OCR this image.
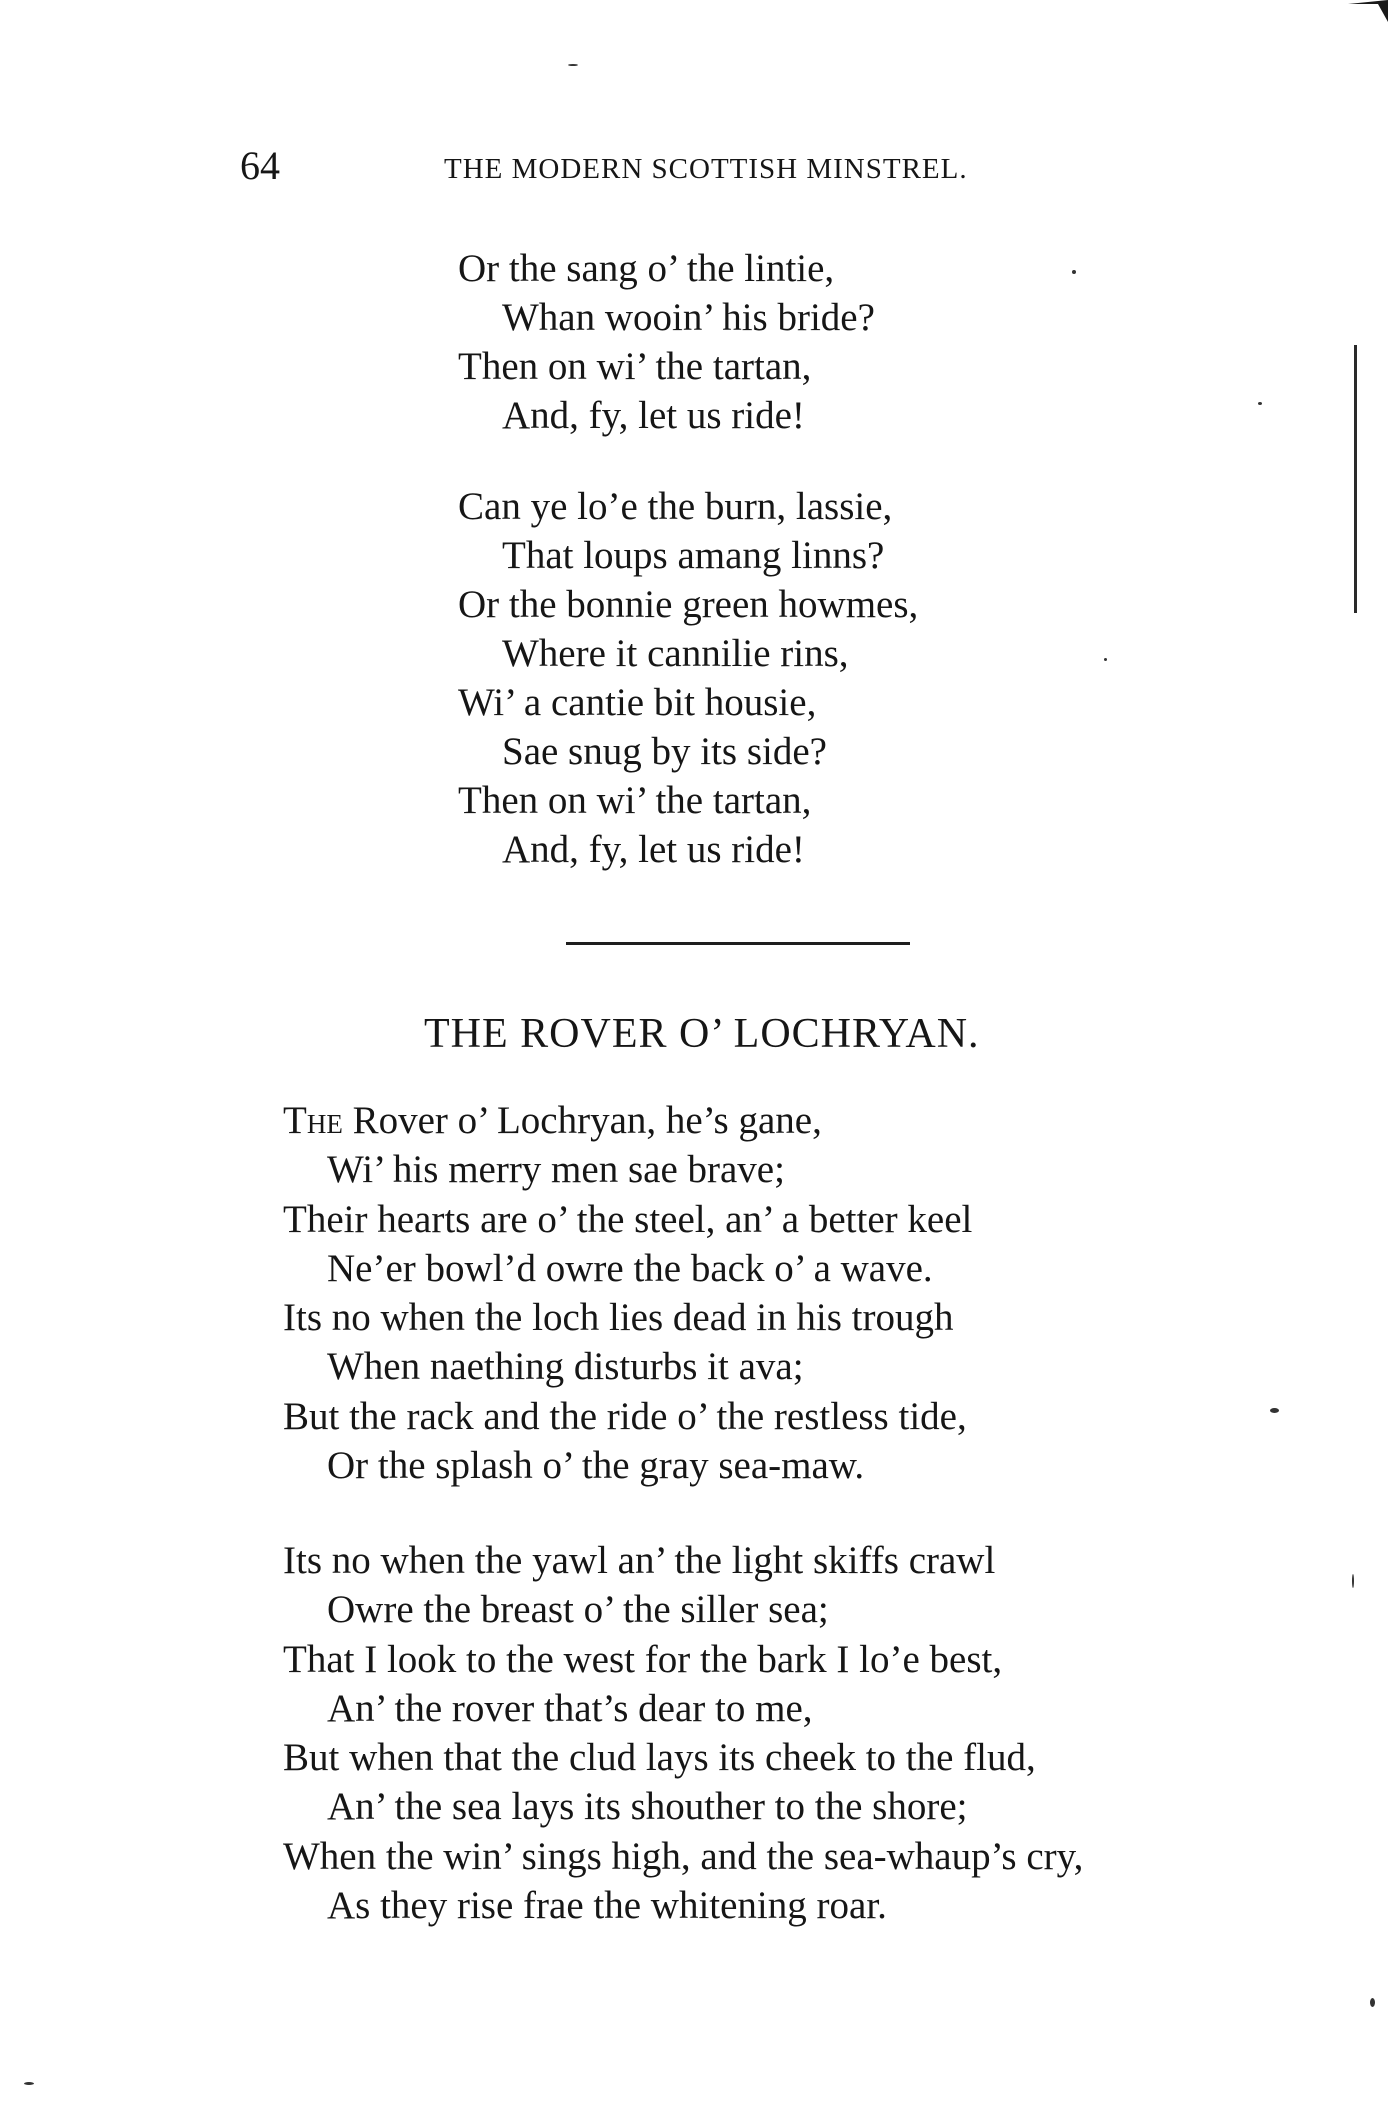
64	THE MODERN SCOTTISH MINSTREL.
Or the sang o’ the lintie,
Whan wooin’ his bride?
Then on wi’ the tartan,
And, fy, let us ride!
Can ye lo’e the burn, lassie,
That loups amang linns?
Or the bonnie green howmes,
Where it cannilie rins,
Wi’ a cantie bit housie,
Sae snug by its side?
Then on wi’ the tartan,
And, fy, let us ride!
THE ROVER O’ LOCHRYAN.
The Rover o’ Lochryan, he’s gane,
Wi’ his merry men sae brave;
Their hearts are o’ the steel, an’ a better keel
Ne’er bowl’d owre the back o’ a wave.
Its no when the loch lies dead in his trough
When naething disturbs it ava;
But the rack and the ride o’ the restless tide,
Or the splash o’ the gray sea-maw.
Its no when the yawl an’ the light skiffs crawl
Owre the breast o’ the siller sea;
That I look to the west for the bark I lo’e best,
An’ the rover that’s dear to me,
But when that the clud lays its cheek to the flud,
An’ the sea lays its shouther to the shore;
When the win’ sings high, and the sea-whaup’s cry,
As they rise frae the whitening roar.
